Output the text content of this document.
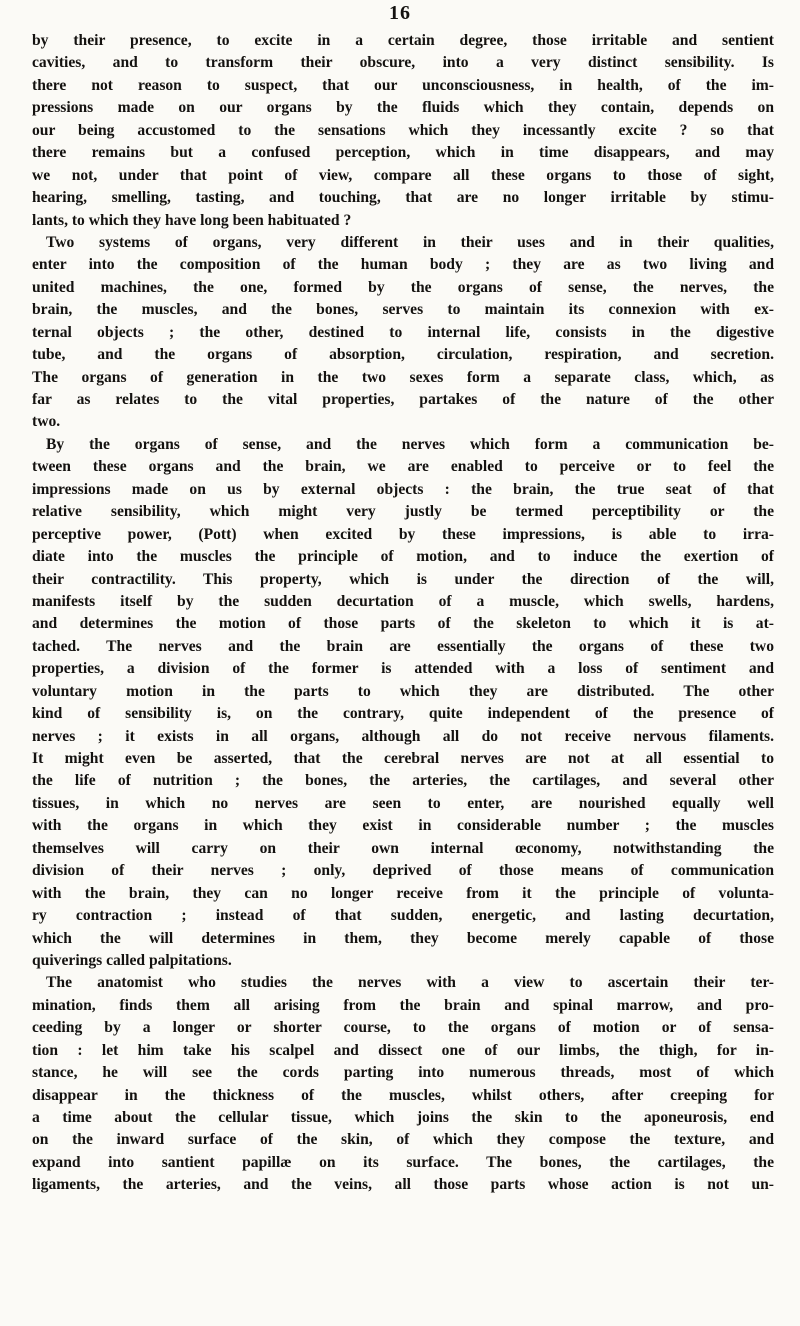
16
by their presence, to excite in a certain degree, those irritable and sentient
cavities, and to transform their obscure, into a very distinct sensibility. Is
there not reason to suspect, that our unconsciousness, in health, of the im-
pressions made on our organs by the fluids which they contain, depends on
our being accustomed to the sensations which they incessantly excite ? so that
there remains but a confused perception, which in time disappears, and may
we not, under that point of view, compare all these organs to those of sight,
hearing, smelling, tasting, and touching, that are no longer irritable by stimu-
lants, to which they have long been habituated ?
Two systems of organs, very different in their uses and in their qualities,
enter into the composition of the human body ; they are as two living and
united machines, the one, formed by the organs of sense, the nerves, the
brain, the muscles, and the bones, serves to maintain its connexion with ex-
ternal objects ; the other, destined to internal life, consists in the digestive
tube, and the organs of absorption, circulation, respiration, and secretion.
The organs of generation in the two sexes form a separate class, which, as
far as relates to the vital properties, partakes of the nature of the other
two.
By the organs of sense, and the nerves which form a communication be-
tween these organs and the brain, we are enabled to perceive or to feel the
impressions made on us by external objects : the brain, the true seat of that
relative sensibility, which might very justly be termed perceptibility or the
perceptive power, (Pott) when excited by these impressions, is able to irra-
diate into the muscles the principle of motion, and to induce the exertion of
their contractility. This property, which is under the direction of the will,
manifests itself by the sudden decurtation of a muscle, which swells, hardens,
and determines the motion of those parts of the skeleton to which it is at-
tached. The nerves and the brain are essentially the organs of these two
properties, a division of the former is attended with a loss of sentiment and
voluntary motion in the parts to which they are distributed. The other
kind of sensibility is, on the contrary, quite independent of the presence of
nerves ; it exists in all organs, although all do not receive nervous filaments.
It might even be asserted, that the cerebral nerves are not at all essential to
the life of nutrition ; the bones, the arteries, the cartilages, and several other
tissues, in which no nerves are seen to enter, are nourished equally well
with the organs in which they exist in considerable number ; the muscles
themselves will carry on their own internal œconomy, notwithstanding the
division of their nerves ; only, deprived of those means of communication
with the brain, they can no longer receive from it the principle of volunta-
ry contraction ; instead of that sudden, energetic, and lasting decurtation,
which the will determines in them, they become merely capable of those
quiverings called palpitations.
The anatomist who studies the nerves with a view to ascertain their ter-
mination, finds them all arising from the brain and spinal marrow, and pro-
ceeding by a longer or shorter course, to the organs of motion or of sensa-
tion : let him take his scalpel and dissect one of our limbs, the thigh, for in-
stance, he will see the cords parting into numerous threads, most of which
disappear in the thickness of the muscles, whilst others, after creeping for
a time about the cellular tissue, which joins the skin to the aponeurosis, end
on the inward surface of the skin, of which they compose the texture, and
expand into santient papillæ on its surface. The bones, the cartilages, the
ligaments, the arteries, and the veins, all those parts whose action is not un-
